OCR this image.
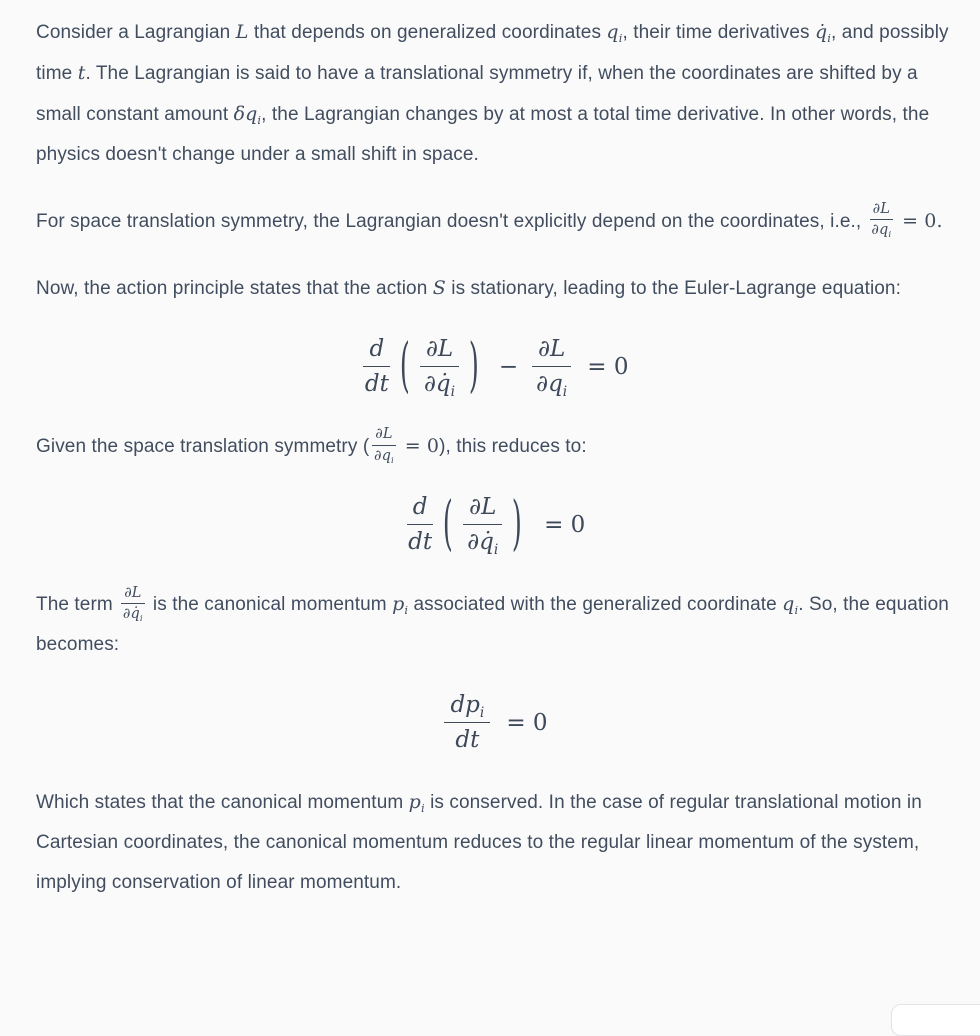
Consider a Lagrangian L that depends on generalized coordinates $q_i$, their time derivatives $q̇_i$, and possibly time t. The Lagrangian is said to have a translational symmetry if, when the coordinates are shifted by a small constant amount $\delta q_i$, the Lagrangian changes by at most a total time derivative. In other words, the physics doesn't change under a small shift in space.

For space translation symmetry, the Lagrangian doesn't explicitly depend on the coordinates, i.e., $\frac{\partial L}{\partial q_i} = 0$.

Now, the action principle states that the action S is stationary, leading to the Euler-Lagrange equation:

$\frac{d}{dt}$ ( $\frac{\partial L}{\partial q̇_i}$ ) − $\frac{\partial L}{\partial q_i} = 0$

Given the space translation symmetry ( $\frac{\partial L}{\partial q_i} = 0$), this reduces to:

$\frac{d}{dt}$ ( $\frac{\partial L}{\partial q̇_i}$ ) = 0

The term $\frac{\partial L}{\partial q̇_i}$ is the canonical momentum $p_i$ associated with the generalized coordinate $q_i$. So, the equation becomes:

$dp_i$
dt
= 0

Which states that the canonical momentum $p_i$ is conserved. In the case of regular translational motion in Cartesian coordinates, the canonical momentum reduces to the regular linear momentum of the system, implying conservation of linear momentum.
